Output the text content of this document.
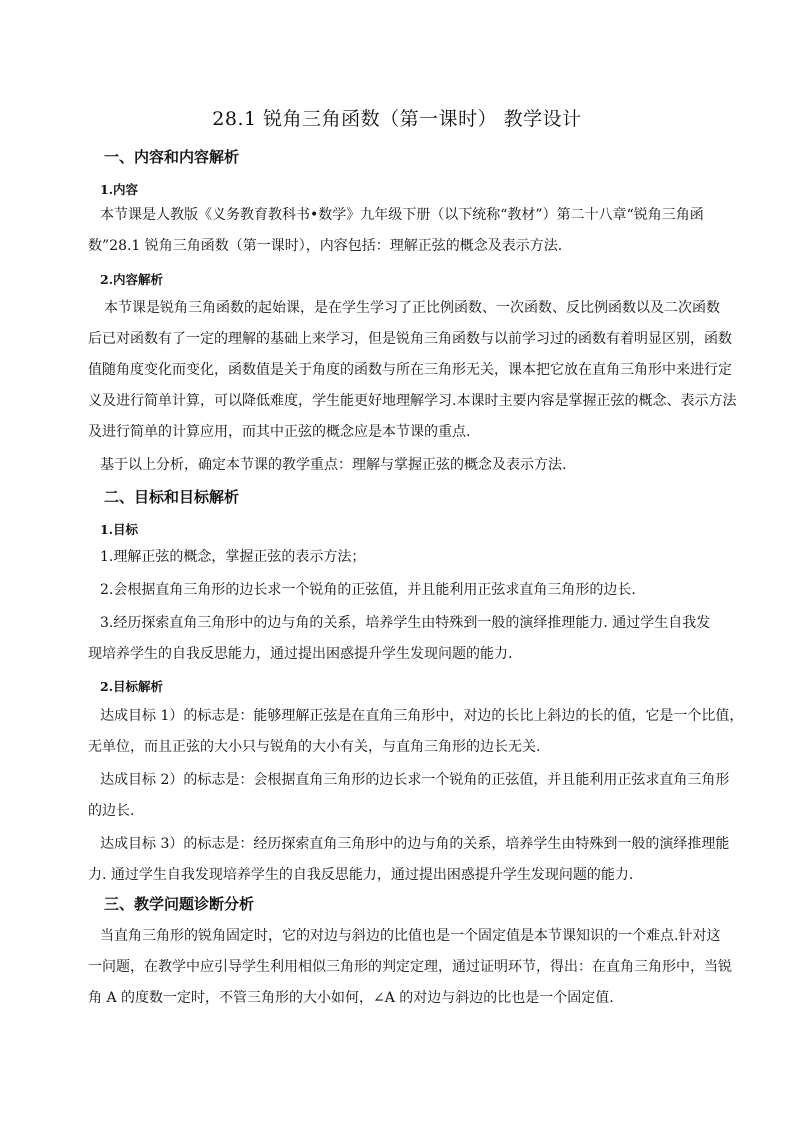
28.1 锐角三角函数（第一课时） 教学设计
一、内容和内容解析
1.内容
本节课是人教版《义务教育教科书•数学》九年级下册（以下统称“教材”）第二十八章“锐角三角函
数”28.1 锐角三角函数（第一课时），内容包括：理解正弦的概念及表示方法.
2.内容解析
本节课是锐角三角函数的起始课，是在学生学习了正比例函数、一次函数、反比例函数以及二次函数
后已对函数有了一定的理解的基础上来学习，但是锐角三角函数与以前学习过的函数有着明显区别，函数
值随角度变化而变化，函数值是关于角度的函数与所在三角形无关，课本把它放在直角三角形中来进行定
义及进行简单计算，可以降低难度，学生能更好地理解学习.本课时主要内容是掌握正弦的概念、表示方法
及进行简单的计算应用，而其中正弦的概念应是本节课的重点.
基于以上分析，确定本节课的教学重点：理解与掌握正弦的概念及表示方法.
二、目标和目标解析
1.目标
1.理解正弦的概念，掌握正弦的表示方法；
2.会根据直角三角形的边长求一个锐角的正弦值，并且能利用正弦求直角三角形的边长.
3.经历探索直角三角形中的边与角的关系，培养学生由特殊到一般的演绎推理能力. 通过学生自我发
现培养学生的自我反思能力，通过提出困惑提升学生发现问题的能力.
2.目标解析
达成目标 1）的标志是：能够理解正弦是在直角三角形中，对边的长比上斜边的长的值，它是一个比值，
无单位，而且正弦的大小只与锐角的大小有关，与直角三角形的边长无关.
达成目标 2）的标志是：会根据直角三角形的边长求一个锐角的正弦值，并且能利用正弦求直角三角形
的边长.
达成目标 3）的标志是：经历探索直角三角形中的边与角的关系，培养学生由特殊到一般的演绎推理能
力. 通过学生自我发现培养学生的自我反思能力，通过提出困惑提升学生发现问题的能力.
三、教学问题诊断分析
当直角三角形的锐角固定时，它的对边与斜边的比值也是一个固定值是本节课知识的一个难点.针对这
一问题，在教学中应引导学生利用相似三角形的判定定理，通过证明环节，得出：在直角三角形中，当锐
角 A 的度数一定时，不管三角形的大小如何，∠A 的对边与斜边的比也是一个固定值.
